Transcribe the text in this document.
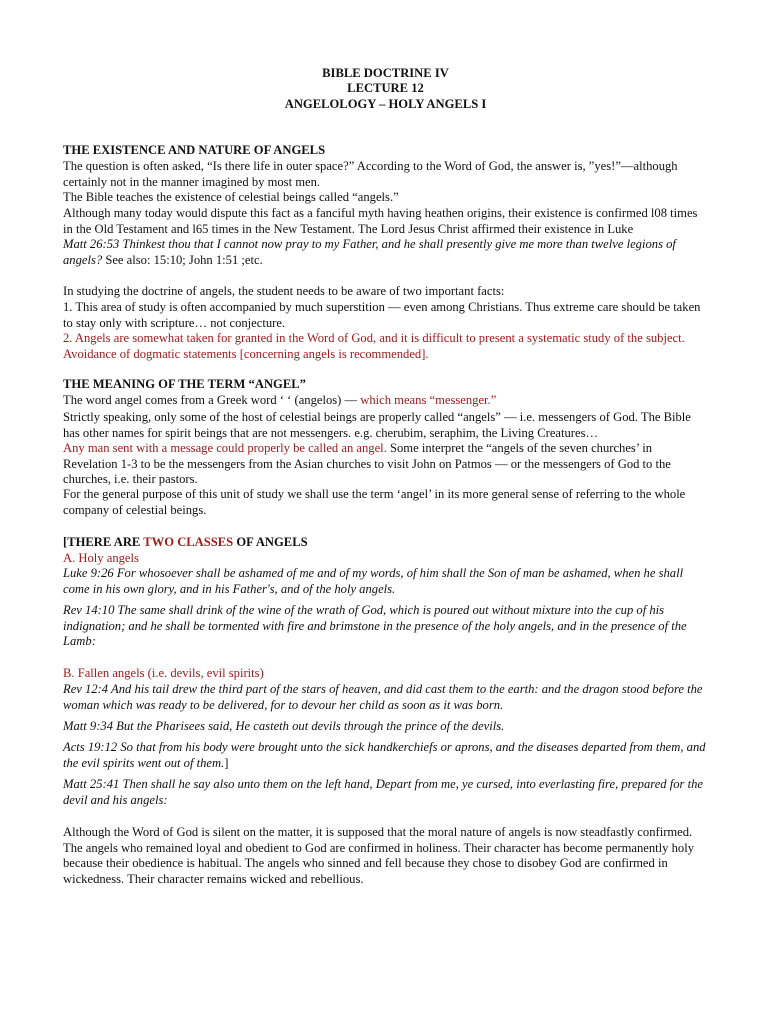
BIBLE DOCTRINE IV

LECTURE 12

ANGELOLOGY – HOLY ANGELS I

THE EXISTENCE AND NATURE OF ANGELS

The question is often asked, “Is there life in outer space?” According to the Word of God, the answer is, ”yes!”—although certainly not in the manner imagined by most men.

The Bible teaches the existence of celestial beings called “angels.”

Although many today would dispute this fact as a fanciful myth having heathen origins, their existence is confirmed l08 times in the Old Testament and l65 times in the New Testament. The Lord Jesus Christ affirmed their existence in Luke

Matt 26:53 Thinkest thou that I cannot now pray to my Father, and he shall presently give me more than twelve legions of angels? See also: 15:10; John 1:51 ;etc.

In studying the doctrine of angels, the student needs to be aware of two important facts:

1. This area of study is often accompanied by much superstition — even among Christians. Thus extreme care should be taken to stay only with scripture… not conjecture.

2. Angels are somewhat taken for granted in the Word of God, and it is difficult to present a systematic study of the subject. Avoidance of dogmatic statements [concerning angels is recommended].

THE MEANING OF THE TERM “ANGEL”

The word angel comes from a Greek word ‘ ‘ (angelos) — which means “messenger.”

Strictly speaking, only some of the host of celestial beings are properly called “angels” — i.e. messengers of God. The Bible has other names for spirit beings that are not messengers. e.g. cherubim, seraphim, the Living Creatures…

Any man sent with a message could properly be called an angel. Some interpret the “angels of the seven churches’ in Revelation 1-3 to be the messengers from the Asian churches to visit John on Patmos — or the messengers of God to the churches, i.e. their pastors.

For the general purpose of this unit of study we shall use the term ‘angel’ in its more general sense of referring to the whole company of celestial beings.

[THERE ARE TWO CLASSES OF ANGELS

A. Holy angels

Luke 9:26 For whosoever shall be ashamed of me and of my words, of him shall the Son of man be ashamed, when he shall come in his own glory, and in his Father's, and of the holy angels.

Rev 14:10 The same shall drink of the wine of the wrath of God, which is poured out without mixture into the cup of his indignation; and he shall be tormented with fire and brimstone in the presence of the holy angels, and in the presence of the Lamb:

B. Fallen angels (i.e. devils, evil spirits)

Rev 12:4 And his tail drew the third part of the stars of heaven, and did cast them to the earth: and the dragon stood before the woman which was ready to be delivered, for to devour her child as soon as it was born.

Matt 9:34 But the Pharisees said, He casteth out devils through the prince of the devils.

Acts 19:12 So that from his body were brought unto the sick handkerchiefs or aprons, and the diseases departed from them, and the evil spirits went out of them.]

Matt 25:41 Then shall he say also unto them on the left hand, Depart from me, ye cursed, into everlasting fire, prepared for the devil and his angels:

Although the Word of God is silent on the matter, it is supposed that the moral nature of angels is now steadfastly confirmed. The angels who remained loyal and obedient to God are confirmed in holiness. Their character has become permanently holy because their obedience is habitual. The angels who sinned and fell because they chose to disobey God are confirmed in wickedness. Their character remains wicked and rebellious.
